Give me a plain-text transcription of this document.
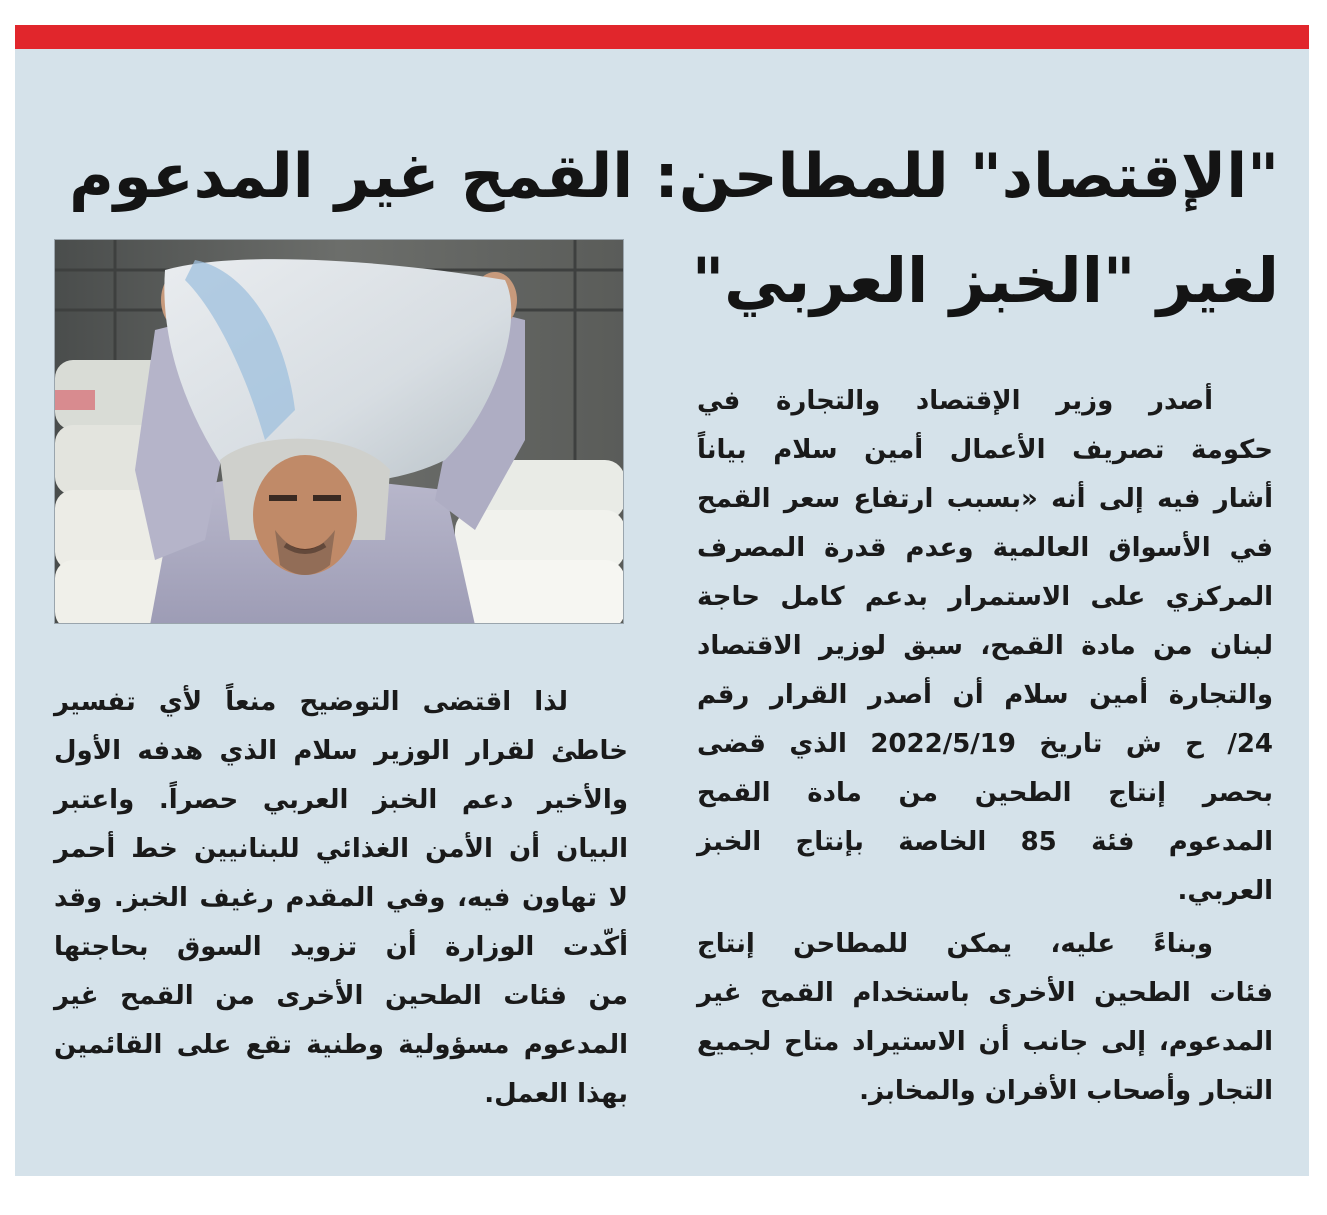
"الإقتصاد" للمطاحن: القمح غير المدعوم
لغير "الخبز العربي"
أصدر وزير الإقتصاد والتجارة في
حكومة تصريف الأعمال أمين سلام بياناً
أشار فيه إلى أنه «بسبب ارتفاع سعر القمح
في الأسواق العالمية وعدم قدرة المصرف
المركزي على الاستمرار بدعم كامل حاجة
لبنان من مادة القمح، سبق لوزير الاقتصاد
والتجارة أمين سلام أن أصدر القرار رقم
24/ ح ش تاريخ 2022/5/19 الذي قضى
بحصر إنتاج الطحين من مادة القمح
المدعوم فئة 85 الخاصة بإنتاج الخبز
العربي.
وبناءً عليه، يمكن للمطاحن إنتاج
فئات الطحين الأخرى باستخدام القمح غير
المدعوم، إلى جانب أن الاستيراد متاح لجميع
التجار وأصحاب الأفران والمخابز.
لذا اقتضى التوضيح منعاً لأي تفسير
خاطئ لقرار الوزير سلام الذي هدفه الأول
والأخير دعم الخبز العربي حصراً. واعتبر
البيان أن الأمن الغذائي للبنانيين خط أحمر
لا تهاون فيه، وفي المقدم رغيف الخبز. وقد
أكّدت الوزارة أن تزويد السوق بحاجتها
من فئات الطحين الأخرى من القمح غير
المدعوم مسؤولية وطنية تقع على القائمين
بهذا العمل.
